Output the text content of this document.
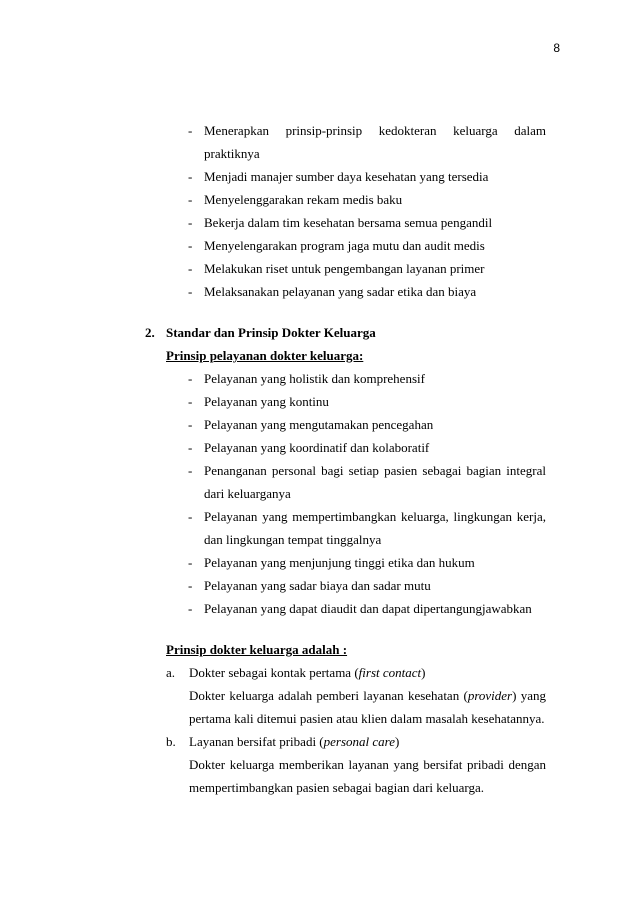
8
- Menerapkan prinsip-prinsip kedokteran keluarga dalam
praktiknya
- Menjadi manajer sumber daya kesehatan yang tersedia
- Menyelenggarakan rekam medis baku
- Bekerja dalam tim kesehatan bersama semua pengandil
- Menyelengarakan program jaga mutu dan audit medis
- Melakukan riset untuk pengembangan layanan primer
- Melaksanakan pelayanan yang sadar etika dan biaya
2. Standar dan Prinsip Dokter Keluarga
Prinsip pelayanan dokter keluarga:
- Pelayanan yang holistik dan komprehensif
- Pelayanan yang kontinu
- Pelayanan yang mengutamakan pencegahan
- Pelayanan yang koordinatif dan kolaboratif
- Penanganan personal bagi setiap pasien sebagai bagian integral
dari keluarganya
- Pelayanan yang mempertimbangkan keluarga, lingkungan kerja,
dan lingkungan tempat tinggalnya
- Pelayanan yang menjunjung tinggi etika dan hukum
- Pelayanan yang sadar biaya dan sadar mutu
- Pelayanan yang dapat diaudit dan dapat dipertangungjawabkan
Prinsip dokter keluarga adalah :
a. Dokter sebagai kontak pertama (first contact)
Dokter keluarga adalah pemberi layanan kesehatan (provider) yang
pertama kali ditemui pasien atau klien dalam masalah kesehatannya.
b. Layanan bersifat pribadi (personal care)
Dokter keluarga memberikan layanan yang bersifat pribadi dengan
mempertimbangkan pasien sebagai bagian dari keluarga.
